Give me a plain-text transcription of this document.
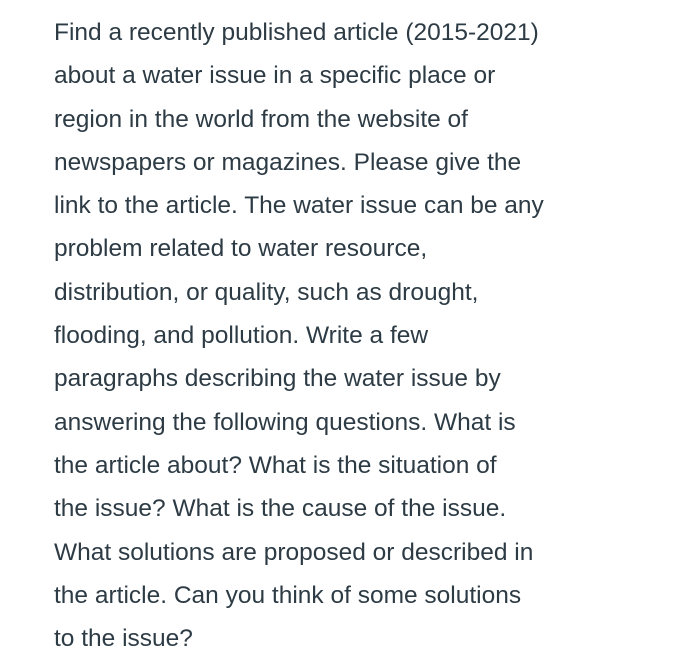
Find a recently published article (2015-2021)
about a water issue in a specific place or
region in the world from the website of
newspapers or magazines. Please give the
link to the article. The water issue can be any
problem related to water resource,
distribution, or quality, such as drought,
flooding, and pollution. Write a few
paragraphs describing the water issue by
answering the following questions. What is
the article about? What is the situation of
the issue? What is the cause of the issue.
What solutions are proposed or described in
the article. Can you think of some solutions
to the issue?
